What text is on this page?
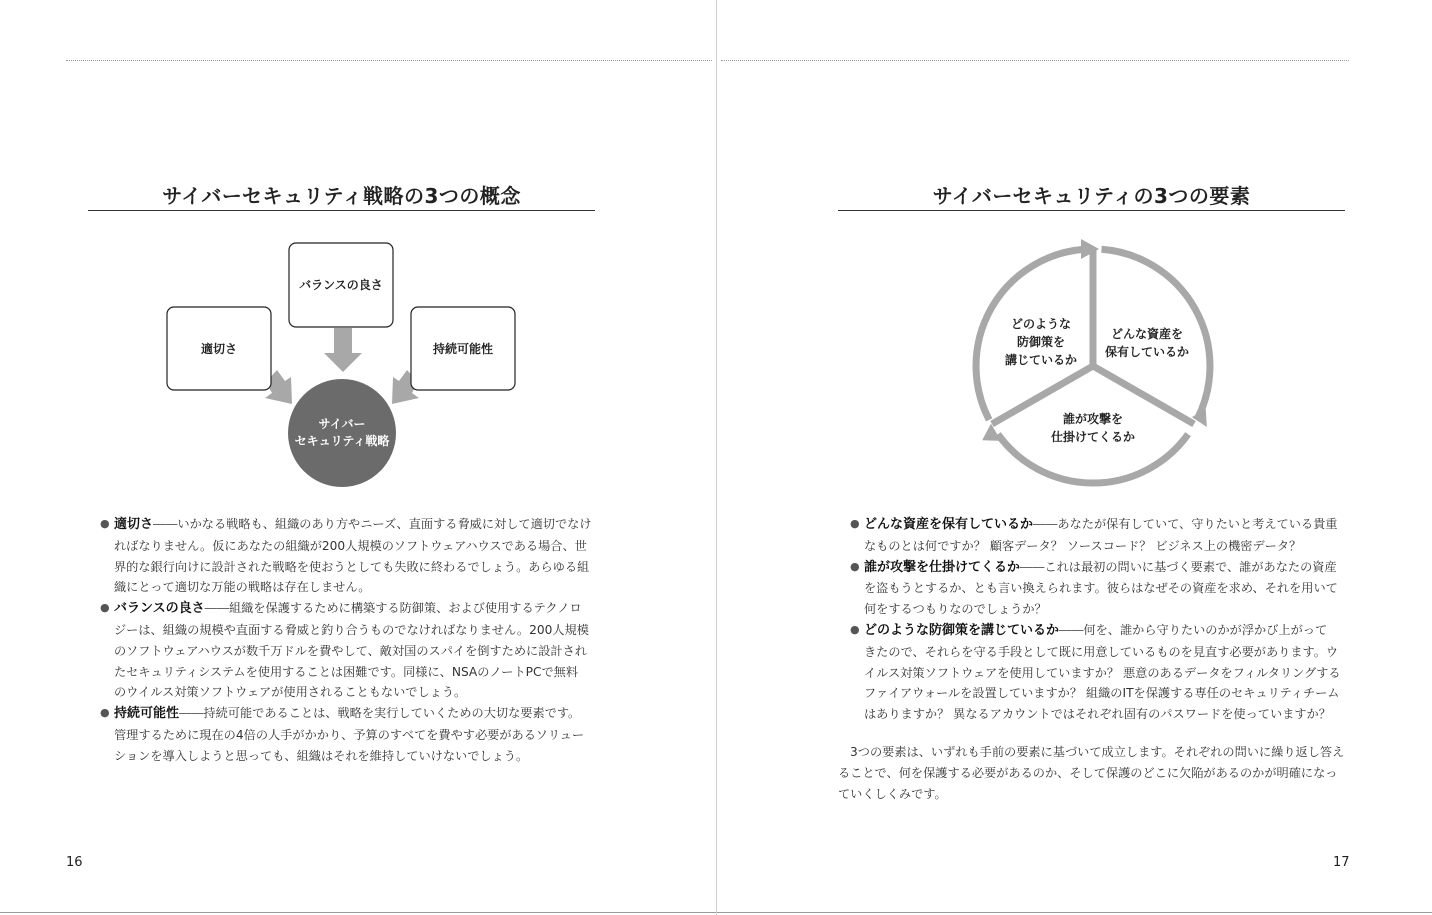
サイバーセキュリティ戦略の3つの概念
バランスの良さ
適切さ	持続可能性
サイバー
セキュリティ戦略
● 適切さ――いかなる戦略も、組織のあり方やニーズ、直面する脅威に対して適切でなけ
ればなりません。仮にあなたの組織が200人規模のソフトウェアハウスである場合、世
界的な銀行向けに設計された戦略を使おうとしても失敗に終わるでしょう。あらゆる組
織にとって適切な万能の戦略は存在しません。
● バランスの良さ――組織を保護するために構築する防御策、および使用するテクノロ
ジーは、組織の規模や直面する脅威と釣り合うものでなければなりません。200人規模
のソフトウェアハウスが数千万ドルを費やして、敵対国のスパイを倒すために設計され
たセキュリティシステムを使用することは困難です。同様に、NSAのノートPCで無料
のウイルス対策ソフトウェアが使用されることもないでしょう。
● 持続可能性――持続可能であることは、戦略を実行していくための大切な要素です。
管理するために現在の4倍の人手がかかり、予算のすべてを費やす必要があるソリュー
ションを導入しようと思っても、組織はそれを維持していけないでしょう。
16
サイバーセキュリティの3つの要素
どのような
防御策を
講じているか
どんな資産を
保有しているか
誰が攻撃を
仕掛けてくるか
● どんな資産を保有しているか――あなたが保有していて、守りたいと考えている貴重
なものとは何ですか？ 顧客データ？ ソースコード？ ビジネス上の機密データ？
● 誰が攻撃を仕掛けてくるか――これは最初の問いに基づく要素で、誰があなたの資産
を盗もうとするか、とも言い換えられます。彼らはなぜその資産を求め、それを用いて
何をするつもりなのでしょうか？
● どのような防御策を講じているか――何を、誰から守りたいのかが浮かび上がって
きたので、それらを守る手段として既に用意しているものを見直す必要があります。ウ
イルス対策ソフトウェアを使用していますか？ 悪意のあるデータをフィルタリングする
ファイアウォールを設置していますか？ 組織のITを保護する専任のセキュリティチーム
はありますか？ 異なるアカウントではそれぞれ固有のパスワードを使っていますか？
3つの要素は、いずれも手前の要素に基づいて成立します。それぞれの問いに繰り返し答え
ることで、何を保護する必要があるのか、そして保護のどこに欠陥があるのかが明確になっ
ていくしくみです。
17
